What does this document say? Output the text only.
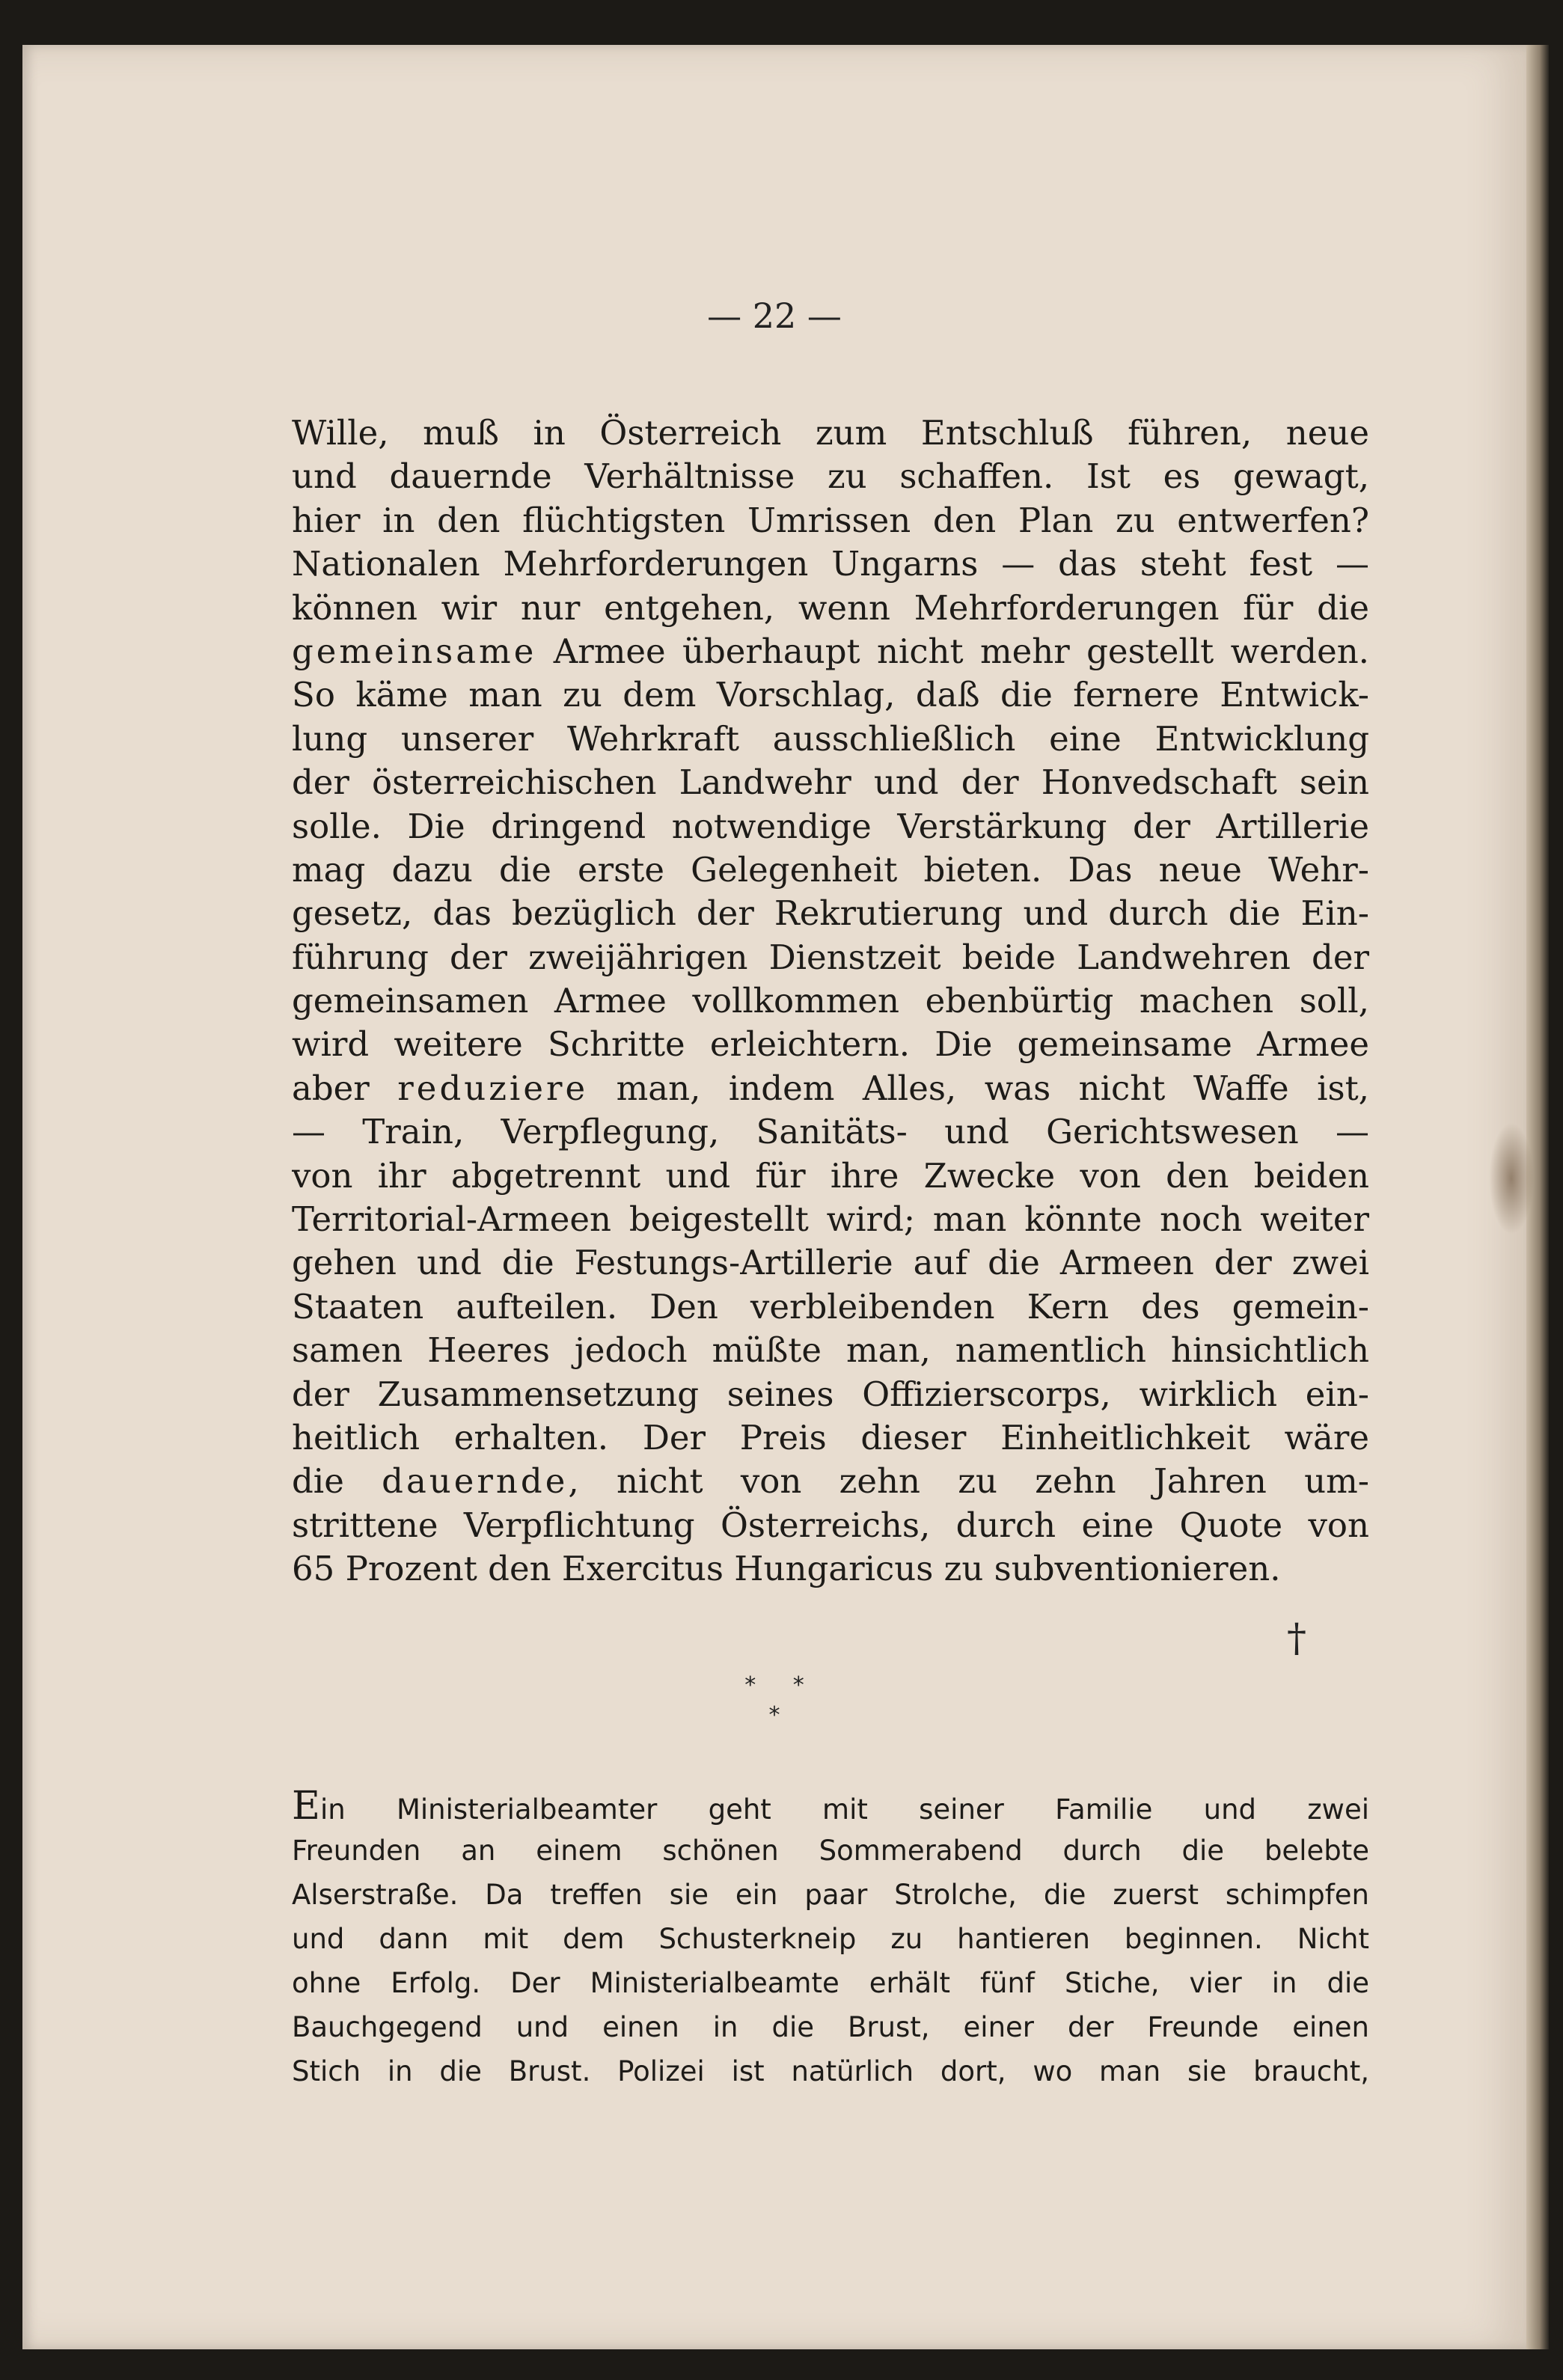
— 22 —
Wille, muß in Österreich zum Entschluß führen, neue
und dauernde Verhältnisse zu schaffen. Ist es gewagt,
hier in den flüchtigsten Umrissen den Plan zu entwerfen?
Nationalen Mehrforderungen Ungarns — das steht fest —
können wir nur entgehen, wenn Mehrforderungen für die
gemeinsame Armee überhaupt nicht mehr gestellt werden.
So käme man zu dem Vorschlag, daß die fernere Entwick-
lung unserer Wehrkraft ausschließlich eine Entwicklung
der österreichischen Landwehr und der Honvedschaft sein
solle. Die dringend notwendige Verstärkung der Artillerie
mag dazu die erste Gelegenheit bieten. Das neue Wehr-
gesetz, das bezüglich der Rekrutierung und durch die Ein-
führung der zweijährigen Dienstzeit beide Landwehren der
gemeinsamen Armee vollkommen ebenbürtig machen soll,
wird weitere Schritte erleichtern. Die gemeinsame Armee
aber reduziere man, indem Alles, was nicht Waffe ist,
— Train, Verpflegung, Sanitäts- und Gerichtswesen —
von ihr abgetrennt und für ihre Zwecke von den beiden
Territorial-Armeen beigestellt wird; man könnte noch weiter
gehen und die Festungs-Artillerie auf die Armeen der zwei
Staaten aufteilen. Den verbleibenden Kern des gemein-
samen Heeres jedoch müßte man, namentlich hinsichtlich
der Zusammensetzung seines Offizierscorps, wirklich ein-
heitlich erhalten. Der Preis dieser Einheitlichkeit wäre
die dauernde, nicht von zehn zu zehn Jahren um-
strittene Verpflichtung Österreichs, durch eine Quote von
65 Prozent den Exercitus Hungaricus zu subventionieren.
†
* *
*
Ein Ministerialbeamter geht mit seiner Familie und zwei
Freunden an einem schönen Sommerabend durch die belebte
Alserstraße. Da treffen sie ein paar Strolche, die zuerst schimpfen
und dann mit dem Schusterkneip zu hantieren beginnen. Nicht
ohne Erfolg. Der Ministerialbeamte erhält fünf Stiche, vier in die
Bauchgegend und einen in die Brust, einer der Freunde einen
Stich in die Brust. Polizei ist natürlich dort, wo man sie braucht,
